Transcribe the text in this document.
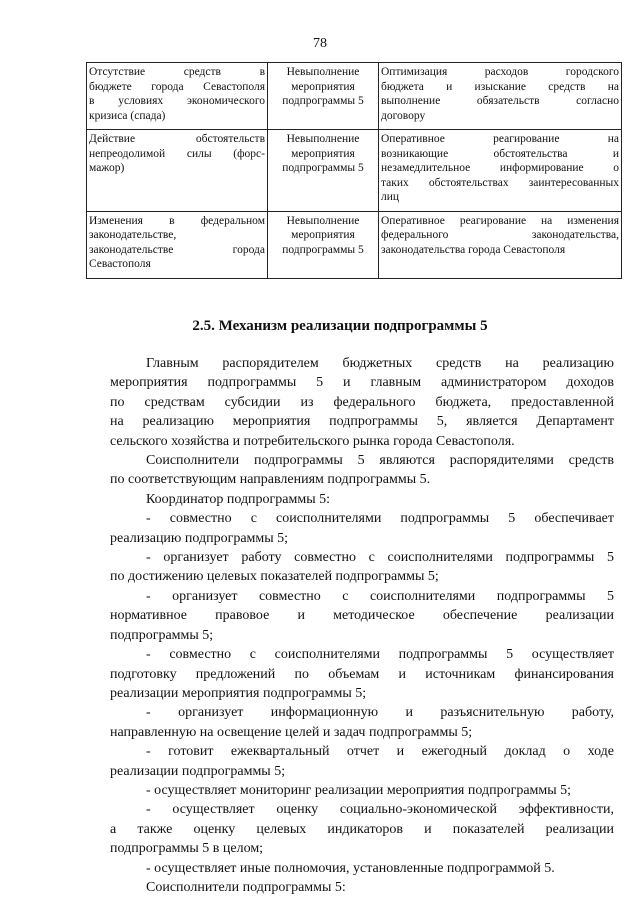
78
Отсутствие средств в
бюджете города Севастополя
в условиях экономического
кризиса (спада)	Невыполнение
мероприятия
подпрограммы 5	Оптимизация расходов городского
бюджета и изыскание средств на
выполнение обязательств согласно
договору

Действие обстоятельств
непреодолимой силы (форс-
мажор)	Невыполнение
мероприятия
подпрограммы 5	Оперативное реагирование на
возникающие обстоятельства и
незамедлительное информирование о
таких обстоятельствах заинтересованных
лиц

Изменения в федеральном
законодательстве,
законодательстве города
Севастополя	Невыполнение
мероприятия
подпрограммы 5	Оперативное реагирование на изменения
федерального законодательства,
законодательства города Севастополя
2.5. Механизм реализации подпрограммы 5

Главным распорядителем бюджетных средств на реализацию
мероприятия подпрограммы 5 и главным администратором доходов
по средствам субсидии из федерального бюджета, предоставленной
на реализацию мероприятия подпрограммы 5, является Департамент
сельского хозяйства и потребительского рынка города Севастополя.

Соисполнители подпрограммы 5 являются распорядителями средств
по соответствующим направлениям подпрограммы 5.

Координатор подпрограммы 5:

- совместно с соисполнителями подпрограммы 5 обеспечивает
реализацию подпрограммы 5;

- организует работу совместно с соисполнителями подпрограммы 5
по достижению целевых показателей подпрограммы 5;

- организует совместно с соисполнителями подпрограммы 5
нормативное правовое и методическое обеспечение реализации
подпрограммы 5;

- совместно с соисполнителями подпрограммы 5 осуществляет
подготовку предложений по объемам и источникам финансирования
реализации мероприятия подпрограммы 5;

- организует информационную и разъяснительную работу,
направленную на освещение целей и задач подпрограммы 5;

- готовит ежеквартальный отчет и ежегодный доклад о ходе
реализации подпрограммы 5;

- осуществляет мониторинг реализации мероприятия подпрограммы 5;

- осуществляет оценку социально-экономической эффективности,
а также оценку целевых индикаторов и показателей реализации
подпрограммы 5 в целом;

- осуществляет иные полномочия, установленные подпрограммой 5.

Соисполнители подпрограммы 5:
